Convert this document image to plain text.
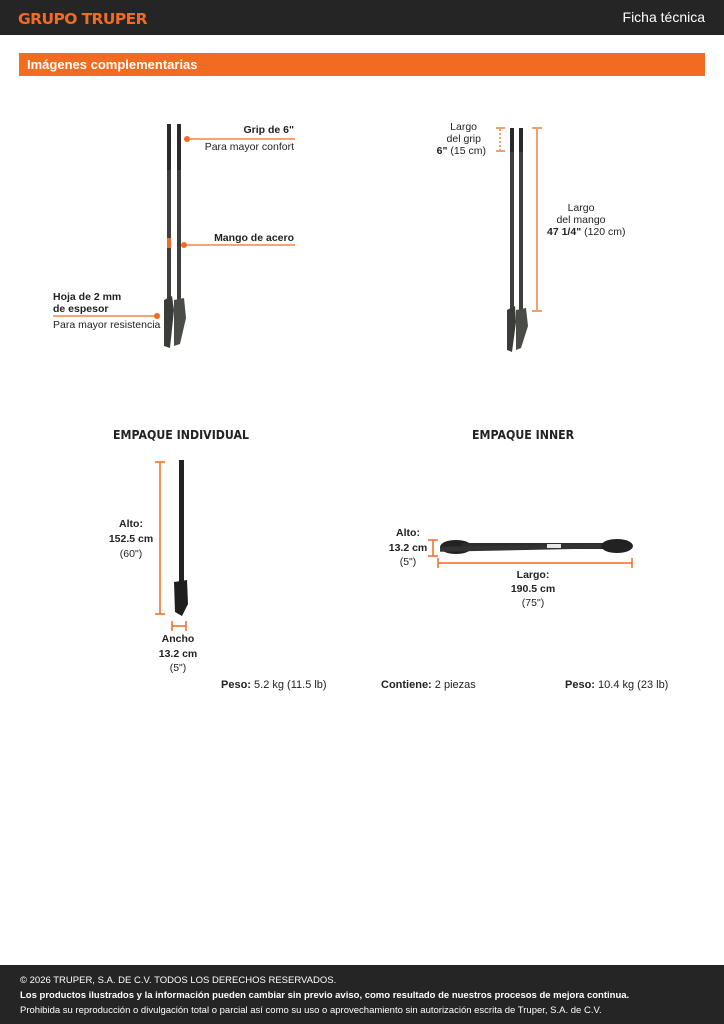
GRUPO TRUPER	Ficha técnica
Imágenes complementarias
Grip de 6"
Para mayor confort
Mango de acero
Hoja de 2 mm
de espesor
Para mayor resistencia
Largo
del grip
6" (15 cm)
Largo
del mango
47 1/4" (120 cm)
EMPAQUE INDIVIDUAL
Alto:
152.5 cm
(60")
Ancho
13.2 cm
(5")
Peso: 5.2 kg (11.5 lb)
EMPAQUE INNER
Alto:
13.2 cm
(5")
Largo:
190.5 cm
(75")
Contiene: 2 piezas	Peso: 10.4 kg (23 lb)
© 2026 TRUPER, S.A. DE C.V. TODOS LOS DERECHOS RESERVADOS.
Los productos ilustrados y la información pueden cambiar sin previo aviso, como resultado de nuestros procesos de mejora continua.
Prohibida su reproducción o divulgación total o parcial así como su uso o aprovechamiento sin autorización escrita de Truper, S.A. de C.V.
